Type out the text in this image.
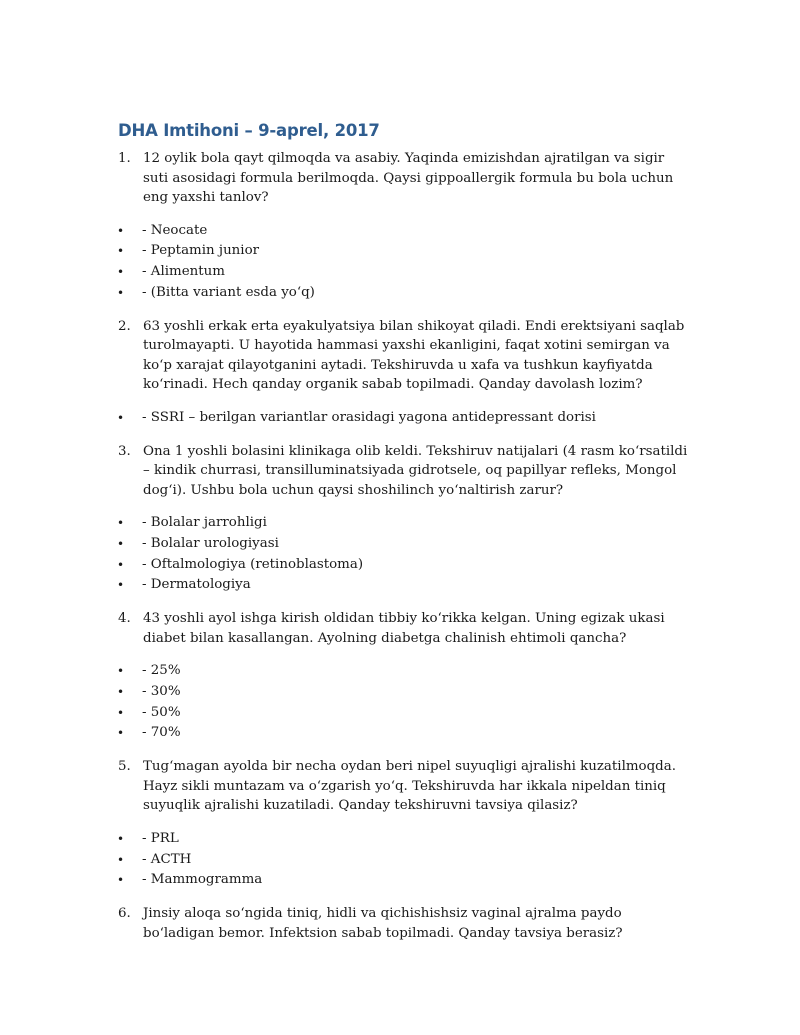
DHA Imtihoni – 9-aprel, 2017
1. 12 oylik bola qayt qilmoqda va asabiy. Yaqinda emizishdan ajratilgan va sigir suti asosidagi formula berilmoqda. Qaysi gippoallergik formula bu bola uchun eng yaxshi tanlov?
• - Neocate
• - Peptamin junior
• - Alimentum
• - (Bitta variant esda yoʻq)
2. 63 yoshli erkak erta eyakulyatsiya bilan shikoyat qiladi. Endi erektsiyani saqlab turolmayapti. U hayotida hammasi yaxshi ekanligini, faqat xotini semirgan va koʻp xarajat qilayotganini aytadi. Tekshiruvda u xafa va tushkun kayfiyatda koʻrinadi. Hech qanday organik sabab topilmadi. Qanday davolash lozim?
• - SSRI – berilgan variantlar orasidagi yagona antidepressant dorisi
3. Ona 1 yoshli bolasini klinikaga olib keldi. Tekshiruv natijalari (4 rasm koʻrsatildi – kindik churrasi, transilluminatsiyada gidrotsele, oq papillyar refleks, Mongol dogʻi). Ushbu bola uchun qaysi shoshilinch yoʻnaltirish zarur?
• - Bolalar jarrohligi
• - Bolalar urologiyasi
• - Oftalmologiya (retinoblastoma)
• - Dermatologiya
4. 43 yoshli ayol ishga kirish oldidan tibbiy koʻrikka kelgan. Uning egizak ukasi diabet bilan kasallangan. Ayolning diabetga chalinish ehtimoli qancha?
• - 25%
• - 30%
• - 50%
• - 70%
5. Tugʻmagan ayolda bir necha oydan beri nipel suyuqligi ajralishi kuzatilmoqda. Hayz sikli muntazam va oʻzgarish yoʻq. Tekshiruvda har ikkala nipeldan tiniq suyuqlik ajralishi kuzatiladi. Qanday tekshiruvni tavsiya qilasiz?
• - PRL
• - ACTH
• - Mammogramma
6. Jinsiy aloqa soʻngida tiniq, hidli va qichishishsiz vaginal ajralma paydo boʻladigan bemor. Infektsion sabab topilmadi. Qanday tavsiya berasiz?
